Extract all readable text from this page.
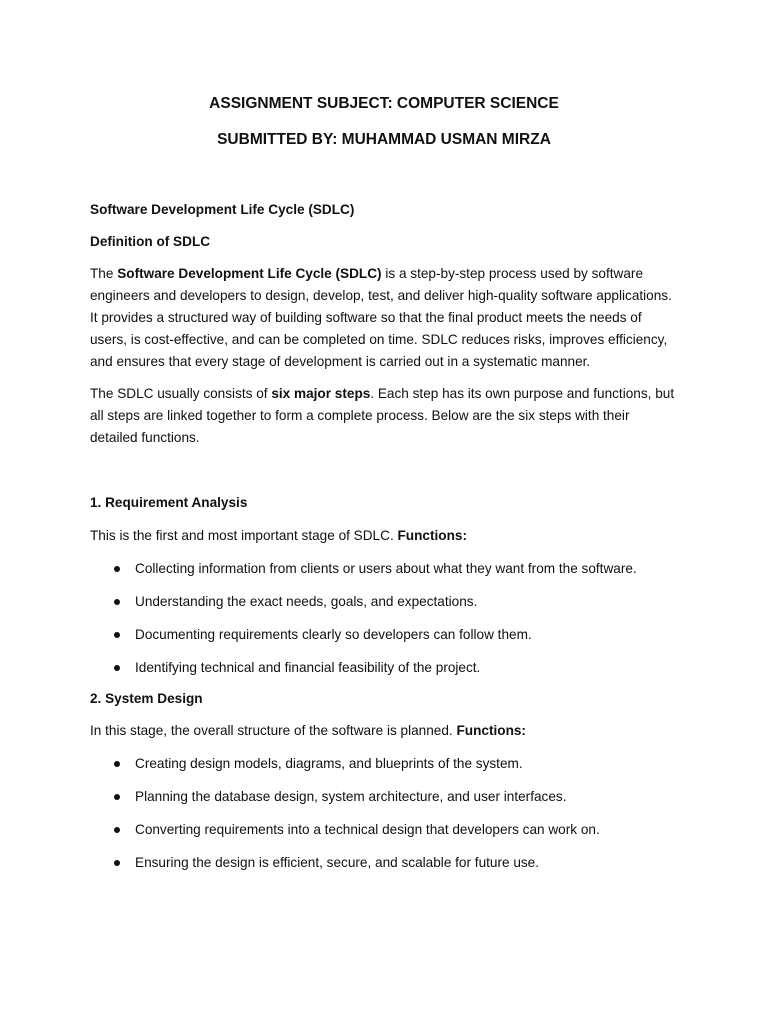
ASSIGNMENT SUBJECT: COMPUTER SCIENCE

SUBMITTED BY: MUHAMMAD USMAN MIRZA

Software Development Life Cycle (SDLC)

Definition of SDLC

The Software Development Life Cycle (SDLC) is a step-by-step process used by software engineers and developers to design, develop, test, and deliver high-quality software applications. It provides a structured way of building software so that the final product meets the needs of users, is cost-effective, and can be completed on time. SDLC reduces risks, improves efficiency, and ensures that every stage of development is carried out in a systematic manner.

The SDLC usually consists of six major steps. Each step has its own purpose and functions, but all steps are linked together to form a complete process. Below are the six steps with their detailed functions.

1. Requirement Analysis

This is the first and most important stage of SDLC. Functions:

Collecting information from clients or users about what they want from the software.
Understanding the exact needs, goals, and expectations.
Documenting requirements clearly so developers can follow them.
Identifying technical and financial feasibility of the project.

2. System Design

In this stage, the overall structure of the software is planned. Functions:

Creating design models, diagrams, and blueprints of the system.
Planning the database design, system architecture, and user interfaces.
Converting requirements into a technical design that developers can work on.
Ensuring the design is efficient, secure, and scalable for future use.
